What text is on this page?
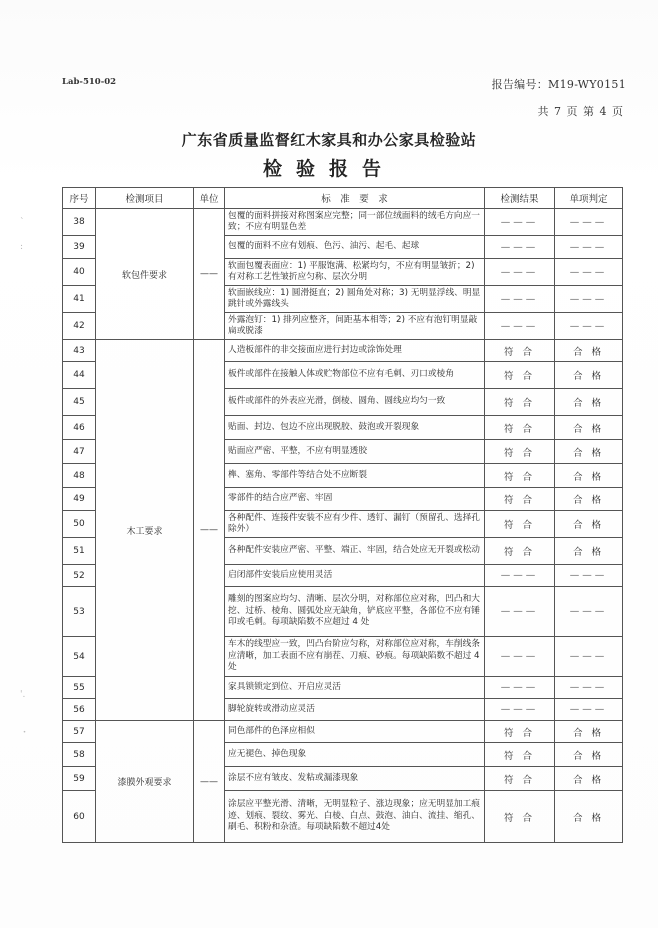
Lab-510-02	报告编号：M19-WY0151
共 7 页 第 4 页
广东省质量监督红木家具和办公家具检验站
检验报告
`
:
'.
・
序号	检测项目	单位	标　准　要　求	检测结果	单项判定
38	软包件要求	——	包覆的面料拼接对称图案应完整；同一部位绒面料的绒毛方向应一致；不应有明显色差	———	———
39			包覆的面料不应有划痕、色污、油污、起毛、起球	———	———
40			软面包覆表面应：1) 平服饱满、松紧均匀，不应有明显皱折；2) 有对称工艺性皱折应匀称、层次分明	———	———
41			软面嵌线应：1) 圆滑挺直；2) 圆角处对称；3) 无明显浮线、明显跳针或外露线头	———	———
42			外露泡钉：1) 排列应整齐，间距基本相等；2) 不应有泡钉明显敲扁或脱漆	———	———
43	木工要求	——	人造板部件的非交接面应进行封边或涂饰处理	符 合	合 格
44			板件或部件在接触人体或贮物部位不应有毛刺、刃口或棱角	符 合	合 格
45			板件或部件的外表应光滑，倒棱、圆角、圆线应均匀一致	符 合	合 格
46			贴面、封边、包边不应出现脱胶、鼓泡或开裂现象	符 合	合 格
47			贴面应严密、平整，不应有明显透胶	符 合	合 格
48			榫、塞角、零部件等结合处不应断裂	符 合	合 格
49			零部件的结合应严密、牢固	符 合	合 格
50			各种配件、连接件安装不应有少件、透钉、漏钉（预留孔、选择孔除外）	符 合	合 格
51			各种配件安装应严密、平整、端正、牢固，结合处应无开裂或松动	符 合	合 格
52			启闭部件安装后应使用灵活	———	———
53			雕刻的图案应均匀、清晰、层次分明，对称部位应对称，凹凸和大挖、过桥、棱角、圆弧处应无缺角，铲底应平整，各部位不应有锤印或毛刺。每项缺陷数不应超过 4 处	———	———
54			车木的线型应一致，凹凸台阶应匀称，对称部位应对称，车削线条应清晰，加工表面不应有崩茬、刀痕、砂痕。每项缺陷数不超过 4 处	———	———
55			家具锁锁定到位、开启应灵活	———	———
56			脚轮旋转或滑动应灵活	———	———
57	漆膜外观要求	——	同色部件的色泽应相似	符 合	合 格
58			应无褪色、掉色现象	符 合	合 格
59			涂层不应有皱皮、发粘或漏漆现象	符 合	合 格
60			涂层应平整光滑、清晰，无明显粒子、涨边现象；应无明显加工痕迹、划痕、裂纹、雾光、白棱、白点、鼓泡、油白、流挂、缩孔、刷毛、积粉和杂渣。每项缺陷数不超过4处	符 合	合 格
